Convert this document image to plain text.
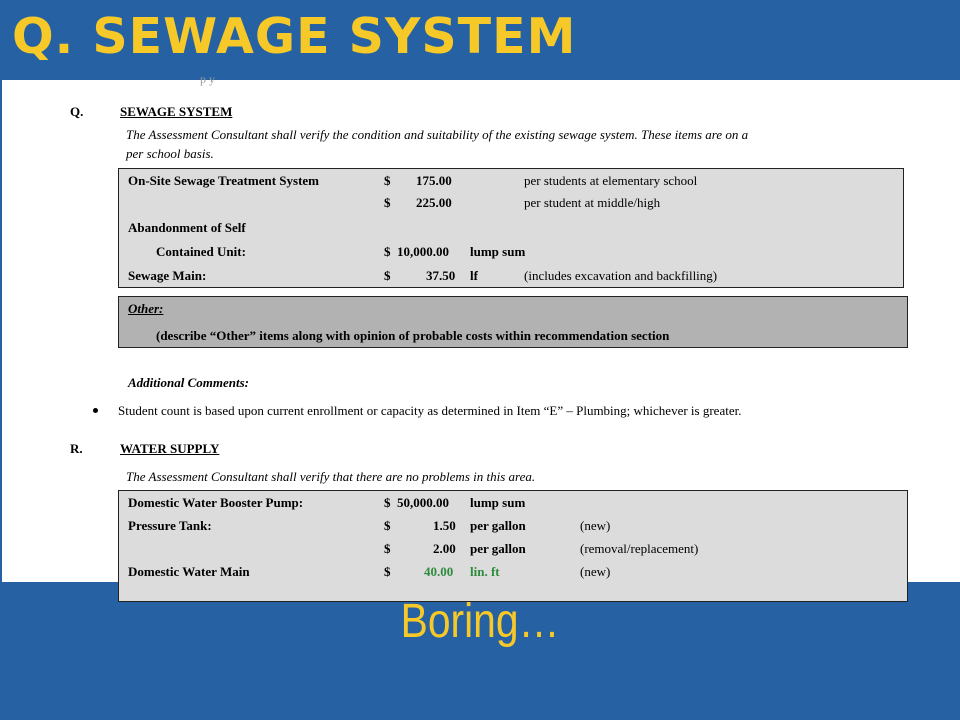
Q. SEWAGE SYSTEM
p y
Q.	SEWAGE SYSTEM
The Assessment Consultant shall verify the condition and suitability of the existing sewage system. These items are on a
per school basis.
On-Site Sewage Treatment System	$ 175.00	per students at elementary school
$ 225.00	per student at middle/high
Abandonment of Self
Contained Unit:	$ 10,000.00 lump sum
Sewage Main:	$	37.50 lf	(includes excavation and backfilling)
Other:
(describe “Other” items along with opinion of probable costs within recommendation section
Additional Comments:
Student count is based upon current enrollment or capacity as determined in Item “E” – Plumbing; whichever is greater.
R.	WATER SUPPLY
The Assessment Consultant shall verify that there are no problems in this area.
Domestic Water Booster Pump:	$ 50,000.00 lump sum
Pressure Tank:	$	1.50 per gallon	(new)
$	2.00 per gallon	(removal/replacement)
Domestic Water Main	$	40.00 lin. ft	(new)

Boring…
